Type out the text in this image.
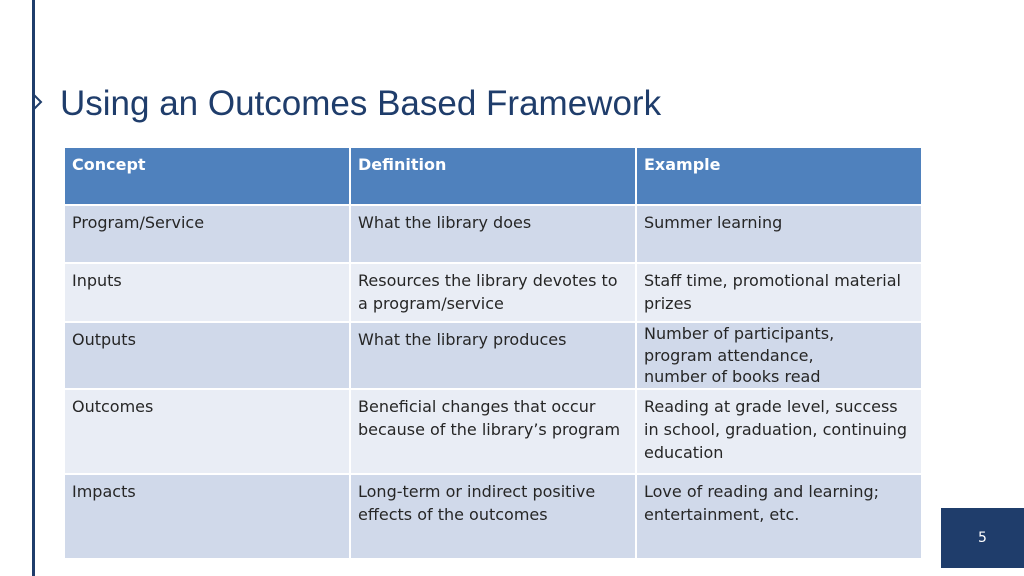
Using an Outcomes Based Framework
Concept	Definition	Example
Program/Service	What the library does	Summer learning
Inputs	Resources the library devotes to a program/service	Staff time, promotional material prizes
Outputs	What the library produces	Number of participants,
program attendance,
number of books read
Outcomes	Beneficial changes that occur because of the library’s program	Reading at grade level, success in school, graduation, continuing education
Impacts	Long-term or indirect positive effects of the outcomes	Love of reading and learning; entertainment, etc.
5
